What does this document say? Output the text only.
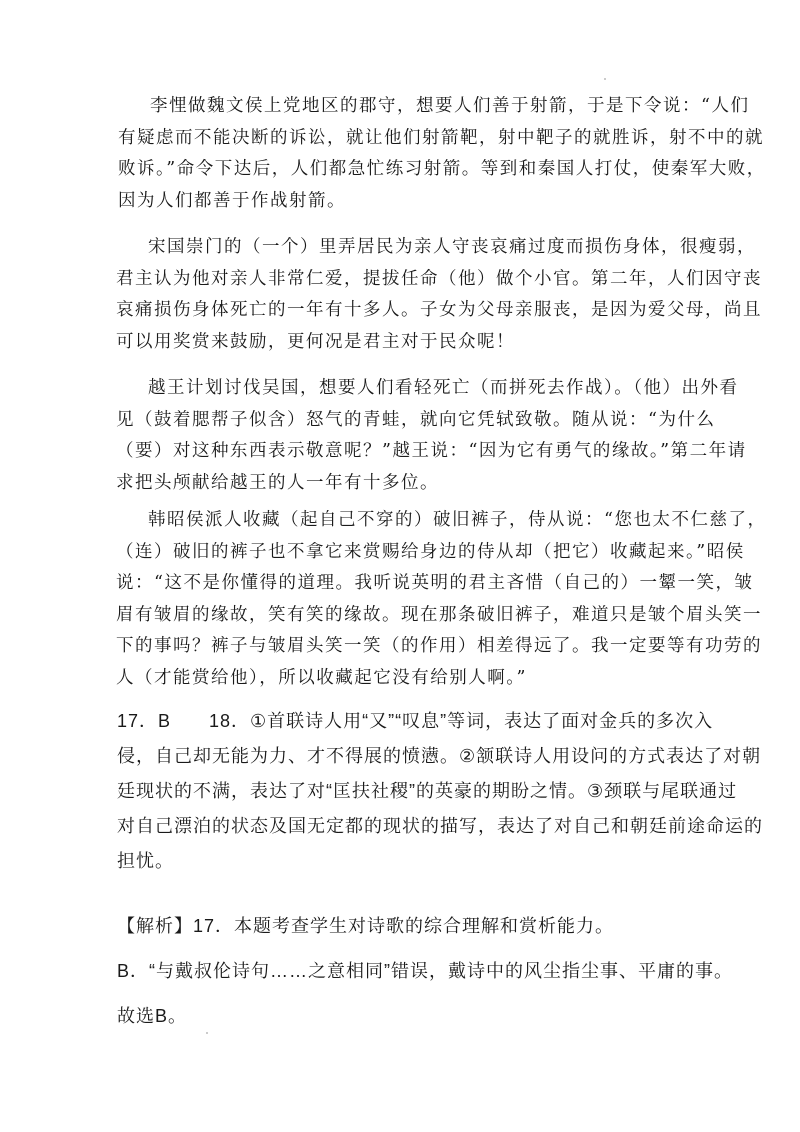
李悝做魏文侯上党地区的郡守，想要人们善于射箭，于是下令说：“人们

有疑虑而不能决断的诉讼，就让他们射箭靶，射中靶子的就胜诉，射不中的就

败诉。”命令下达后，人们都急忙练习射箭。等到和秦国人打仗，使秦军大败，

因为人们都善于作战射箭。

宋国崇门的（一个）里弄居民为亲人守丧哀痛过度而损伤身体，很瘦弱，

君主认为他对亲人非常仁爱，提拔任命（他）做个小官。第二年，人们因守丧

哀痛损伤身体死亡的一年有十多人。子女为父母亲服丧，是因为爱父母，尚且

可以用奖赏来鼓励，更何况是君主对于民众呢！

越王计划讨伐吴国，想要人们看轻死亡（而拼死去作战）。（他）出外看

见（鼓着腮帮子似含）怒气的青蛙，就向它凭轼致敬。随从说：“为什么

（要）对这种东西表示敬意呢？”越王说：“因为它有勇气的缘故。”第二年请

求把头颅献给越王的人一年有十多位。

韩昭侯派人收藏（起自己不穿的）破旧裤子，侍从说：“您也太不仁慈了，

（连）破旧的裤子也不拿它来赏赐给身边的侍从却（把它）收藏起来。”昭侯

说：“这不是你懂得的道理。我听说英明的君主吝惜（自己的）一颦一笑，皱

眉有皱眉的缘故，笑有笑的缘故。现在那条破旧裤子，难道只是皱个眉头笑一

下的事吗？裤子与皱眉头笑一笑（的作用）相差得远了。我一定要等有功劳的

人（才能赏给他），所以收藏起它没有给别人啊。”

17．B　　18．①首联诗人用“又”“叹息”等词，表达了面对金兵的多次入

侵，自己却无能为力、才不得展的愤懑。②颔联诗人用设问的方式表达了对朝

廷现状的不满，表达了对“匡扶社稷”的英豪的期盼之情。③颈联与尾联通过

对自己漂泊的状态及国无定都的现状的描写，表达了对自己和朝廷前途命运的

担忧。

【解析】17．本题考查学生对诗歌的综合理解和赏析能力。

B．“与戴叔伦诗句……之意相同”错误，戴诗中的风尘指尘事、平庸的事。

故选B。
